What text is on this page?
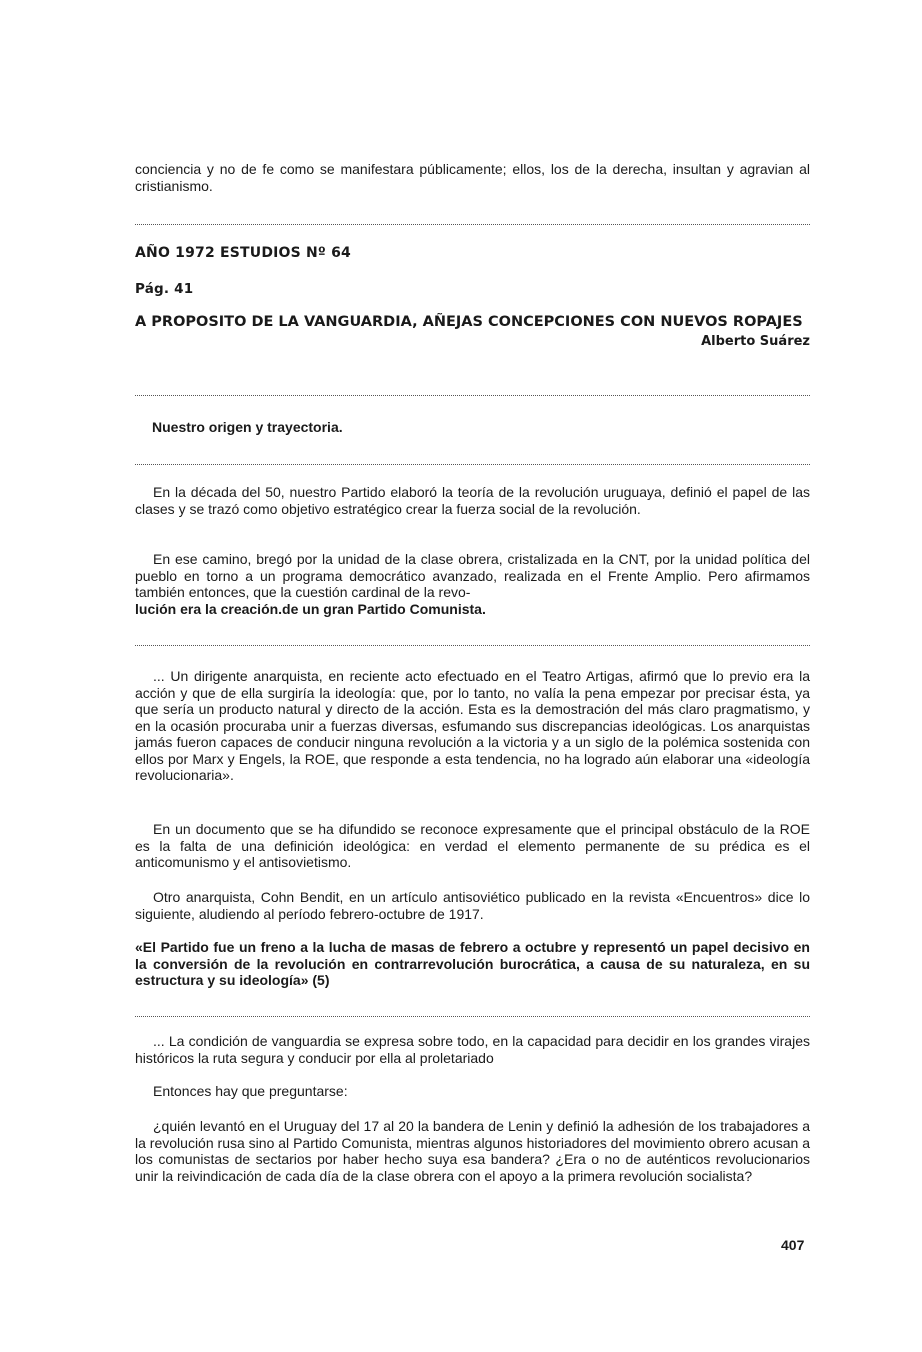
conciencia y no de fe como se manifestara públicamente; ellos, los de la derecha, insultan y agravian al cristianismo.

AÑO 1972 ESTUDIOS Nº 64
Pág. 41
A PROPOSITO DE LA VANGUARDIA, AÑEJAS CONCEPCIONES CON NUEVOS ROPAJES
Alberto Suárez
Nuestro origen y trayectoria.

En la década del 50, nuestro Partido elaboró la teoría de la revolución uruguaya, definió el papel de las clases y se trazó como objetivo estratégico crear la fuerza social de la revolución.

En ese camino, bregó por la unidad de la clase obrera, cristalizada en la CNT, por la unidad política del pueblo en torno a un programa democrático avanzado, realizada en el Frente Amplio. Pero afirmamos también entonces, que la cuestión cardinal de la revo-

lución era la creación.de un gran Partido Comunista.

... Un dirigente anarquista, en reciente acto efectuado en el Teatro Artigas, afirmó que lo previo era la acción y que de ella surgiría la ideología: que, por lo tanto, no valía la pena empezar por precisar ésta, ya que sería un producto natural y directo de la acción. Esta es la demostración del más claro pragmatismo, y en la ocasión procuraba unir a fuerzas diversas, esfumando sus discrepancias ideológicas. Los anarquistas jamás fueron capaces de conducir ninguna revolución a la victoria y a un siglo de la polémica sostenida con ellos por Marx y Engels, la ROE, que responde a esta tendencia, no ha logrado aún elaborar una «ideología revolucionaria».

En un documento que se ha difundido se reconoce expresamente que el principal obstáculo de la ROE es la falta de una definición ideológica: en verdad el elemento permanente de su prédica es el anticomunismo y el antisovietismo.

Otro anarquista, Cohn Bendit, en un artículo antisoviético publicado en la revista «Encuentros» dice lo siguiente, aludiendo al período febrero-octubre de 1917.

«El Partido fue un freno a la lucha de masas de febrero a octubre y representó un papel decisivo en la conversión de la revolución en contrarrevolución burocrática, a causa de su naturaleza, en su estructura y su ideología» (5)

... La condición de vanguardia se expresa sobre todo, en la capacidad para decidir en los grandes virajes históricos la ruta segura y conducir por ella al proletariado

Entonces hay que preguntarse:

¿quién levantó en el Uruguay del 17 al 20 la bandera de Lenin y definió la adhesión de los trabajadores a la revolución rusa sino al Partido Comunista, mientras algunos historiadores del movimiento obrero acusan a los comunistas de sectarios por haber hecho suya esa bandera? ¿Era o no de auténticos revolucionarios unir la reivindicación de cada día de la clase obrera con el apoyo a la primera revolución socialista?

407
